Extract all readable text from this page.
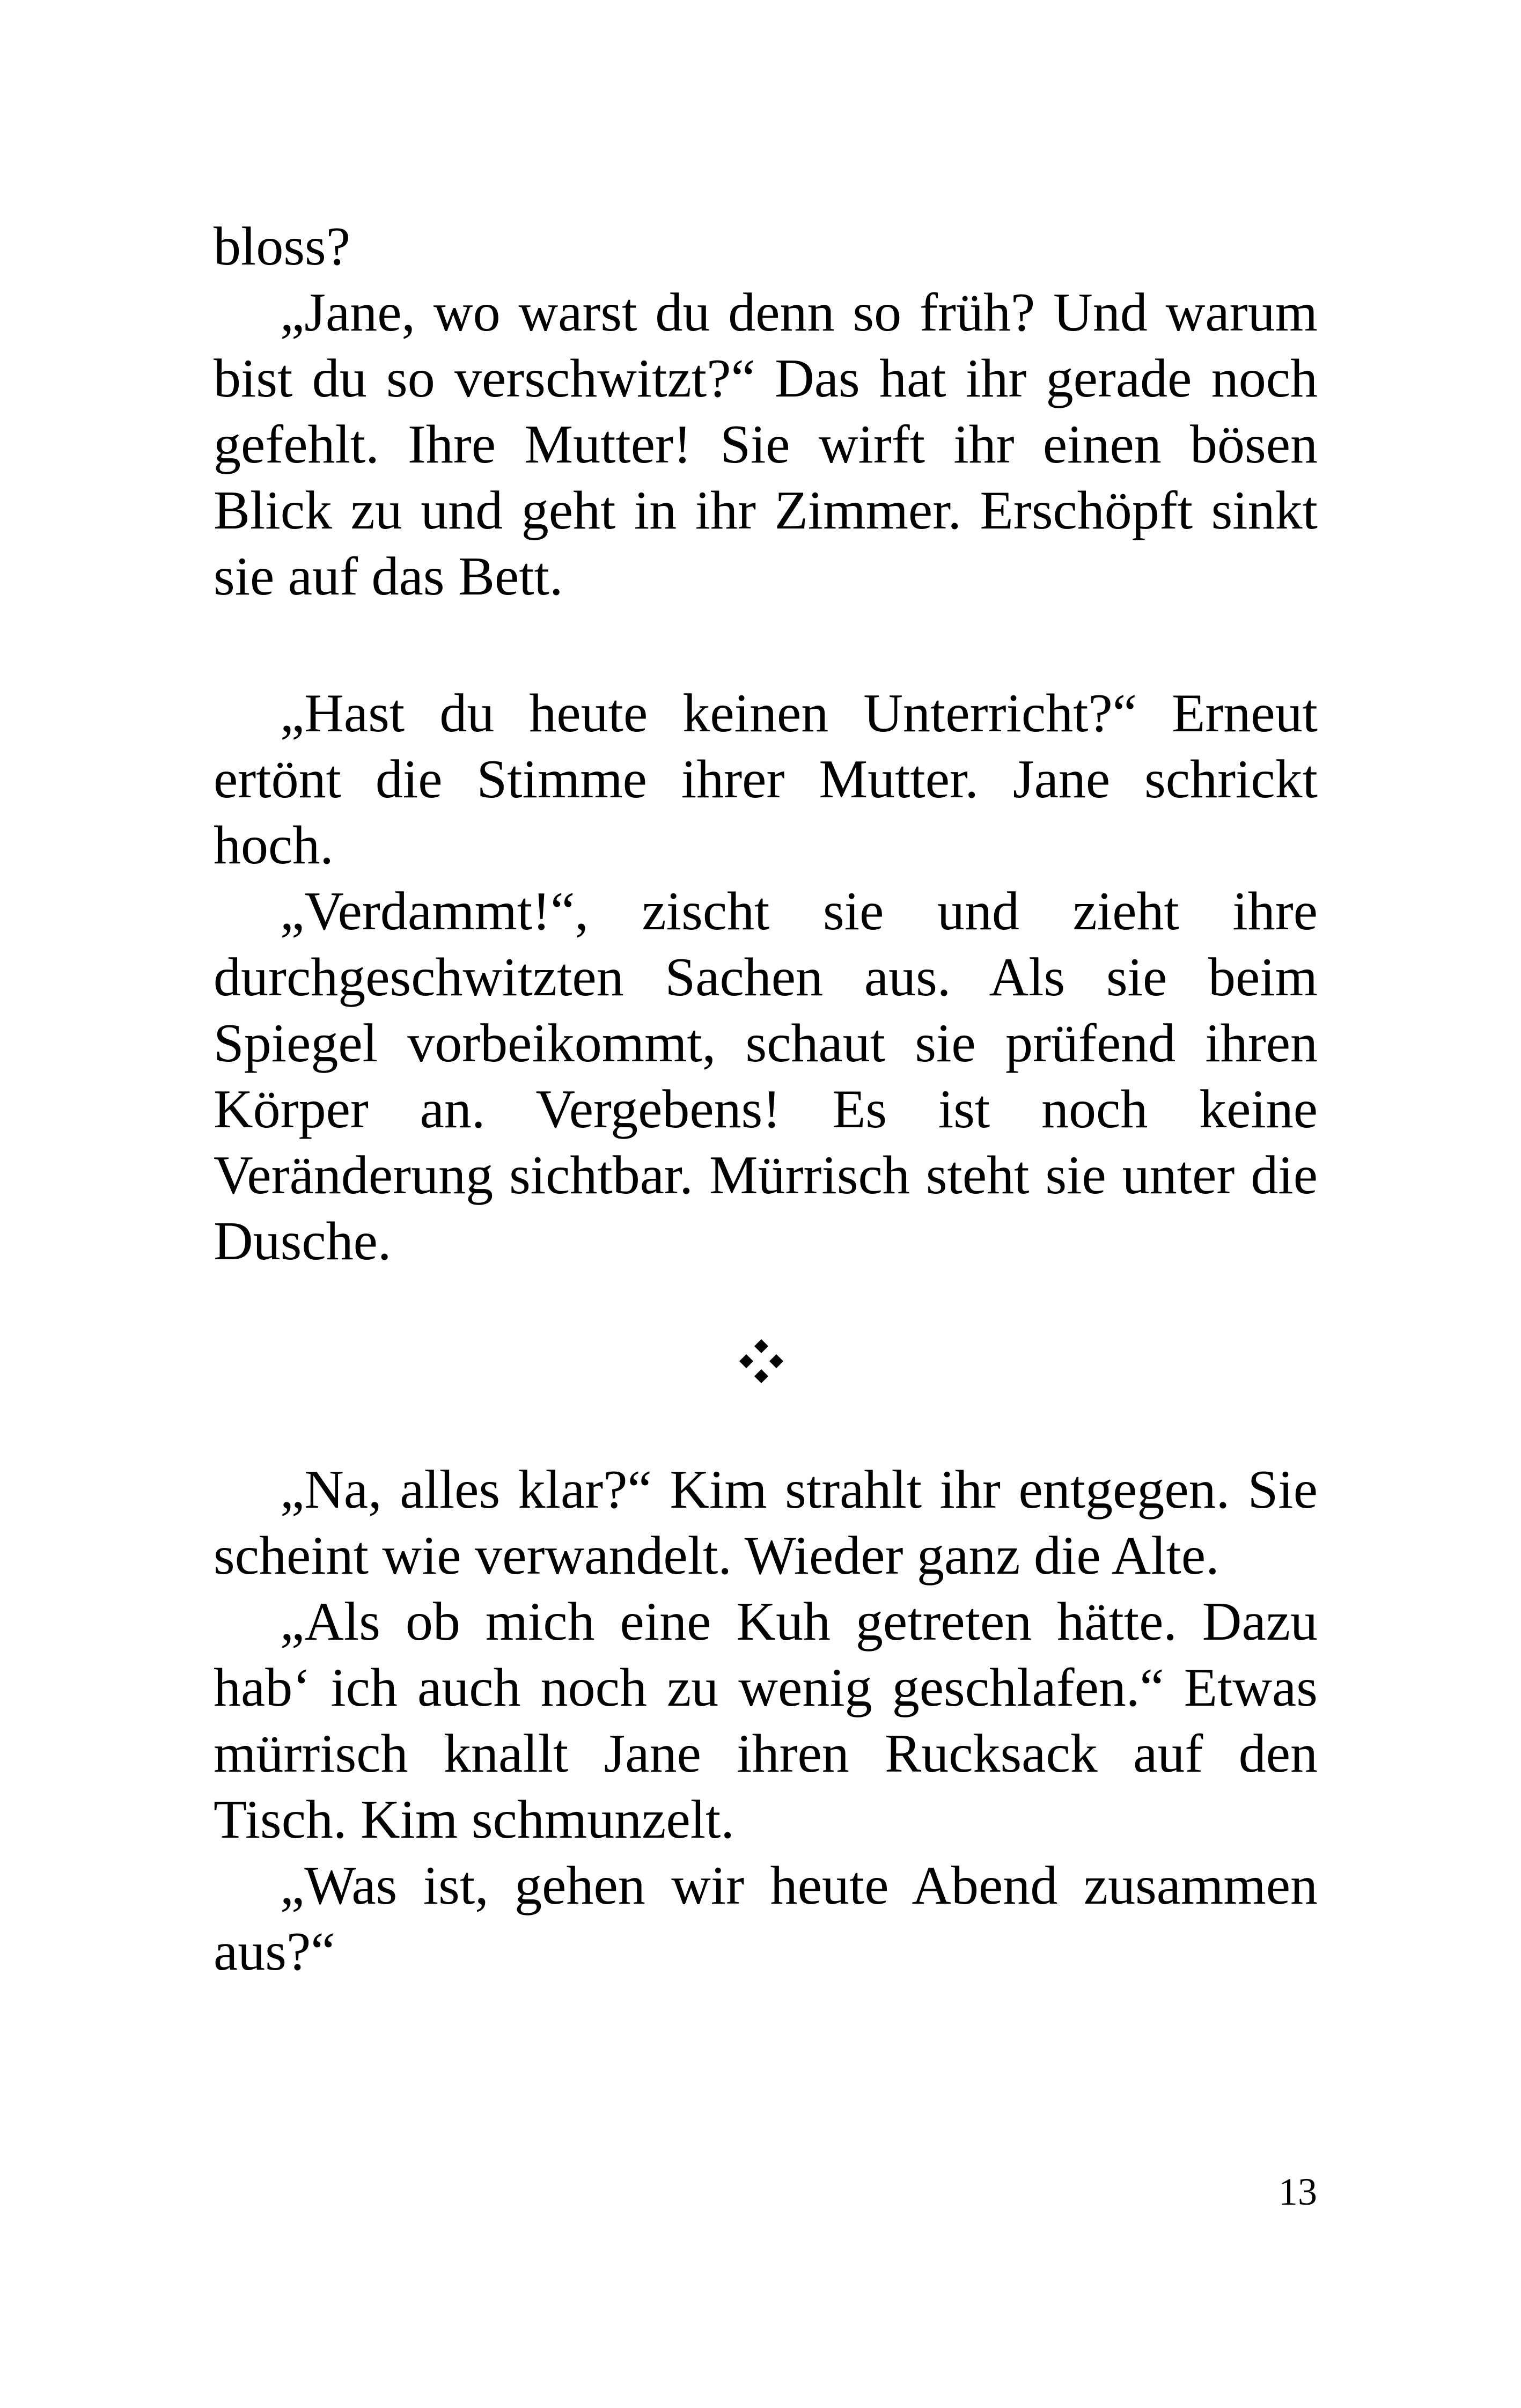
bloss?

„Jane, wo warst du denn so früh? Und warum bist du so verschwitzt?“ Das hat ihr gerade noch gefehlt. Ihre Mutter! Sie wirft ihr einen bösen Blick zu und geht in ihr Zimmer. Erschöpft sinkt sie auf das Bett.

„Hast du heute keinen Unterricht?“ Erneut ertönt die Stimme ihrer Mutter. Jane schrickt hoch.

„Verdammt!“, zischt sie und zieht ihre durchgeschwitzten Sachen aus. Als sie beim Spiegel vorbeikommt, schaut sie prüfend ihren Körper an. Vergebens! Es ist noch keine Veränderung sichtbar. Mürrisch steht sie unter die Dusche.

„Na, alles klar?“ Kim strahlt ihr entgegen. Sie scheint wie verwandelt. Wieder ganz die Alte.

„Als ob mich eine Kuh getreten hätte. Dazu hab‘ ich auch noch zu wenig geschlafen.“ Etwas mürrisch knallt Jane ihren Rucksack auf den Tisch. Kim schmunzelt.

„Was ist, gehen wir heute Abend zusammen aus?“

13
